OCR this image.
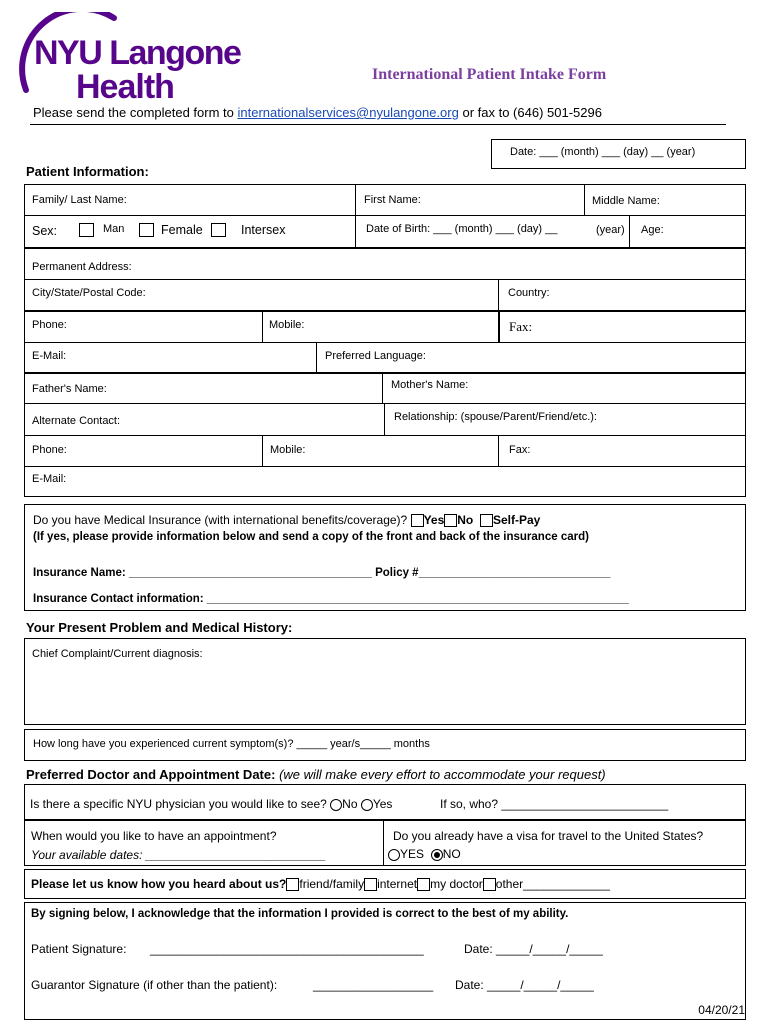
NYU Langone
Health	International Patient Intake Form
Please send the completed form to internationalservices@nyulangone.org or fax to (646) 501-5296
Date: ___ (month) ___ (day) __ (year)
Patient Information:
Family/ Last Name:	First Name:	Middle Name:
Sex:	Man	Female	Intersex	Date of Birth: ___ (month) ___ (day) __	(year) Age:
Permanent Address:
City/State/Postal Code:	Country:
Phone:	Mobile:	Fax:
E-Mail:	Preferred Language:
Father's Name:	Mother's Name:
Alternate Contact:	Relationship: (spouse/Parent/Friend/etc.):
Phone:	Mobile:	Fax:
E-Mail:
Do you have Medical Insurance (with international benefits/coverage)? Yes No Self-Pay
(If yes, please provide information below and send a copy of the front and back of the insurance card)
Insurance Name: ______________________________________ Policy #______________________________
Insurance Contact information: __________________________________________________________________
Your Present Problem and Medical History:
Chief Complaint/Current diagnosis:
How long have you experienced current symptom(s)? _____ year/s_____ months
Preferred Doctor and Appointment Date: (we will make every effort to accommodate your request)
Is there a specific NYU physician you would like to see? No Yes	If so, who? _________________________
When would you like to have an appointment?
Your available dates: ___________________________
Do you already have a visa for travel to the United States?
YES NO
Please let us know how you heard about us? friend/family internet my doctor other_____________
By signing below, I acknowledge that the information I provided is correct to the best of my ability.
Patient Signature: _________________________________________	Date: _____/_____/_____
Guarantor Signature (if other than the patient):	__________________ Date: _____/_____/_____
04/20/21
